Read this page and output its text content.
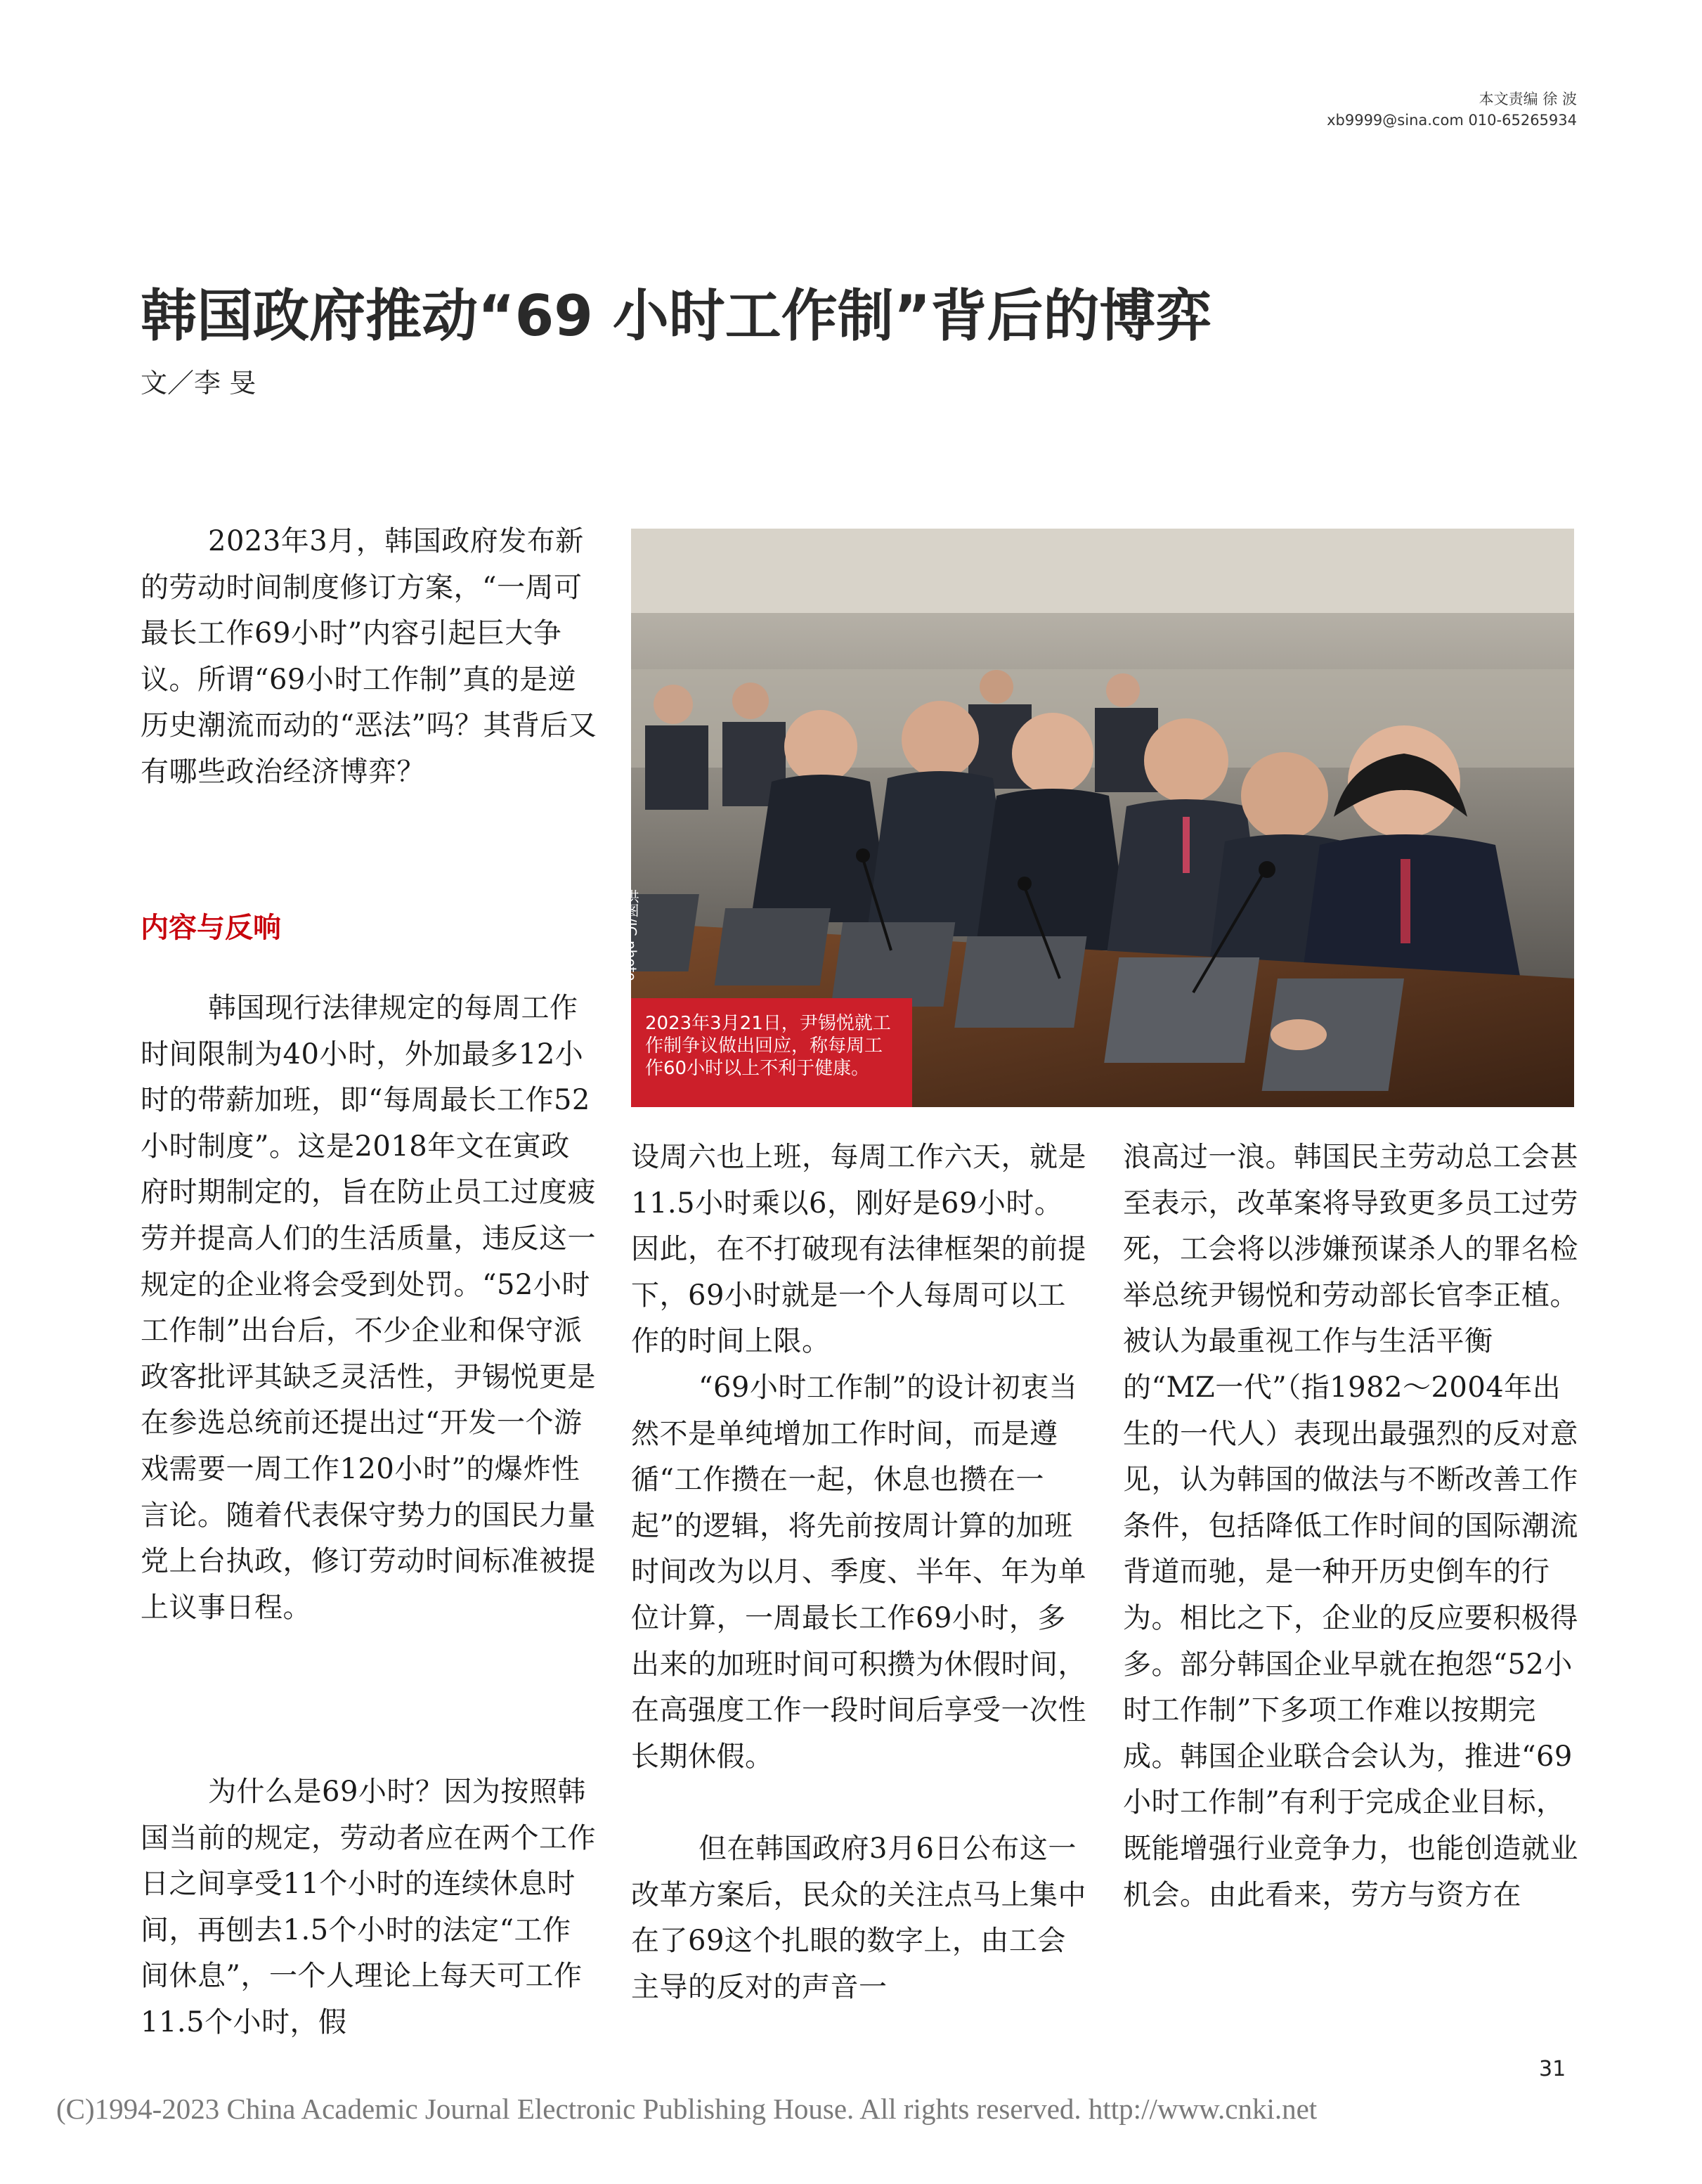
本文责编 徐 波
xb9999@sina.com 010-65265934
韩国政府推动“69 小时工作制”背后的博弈
文／李 旻
供图/IC photo
2023年3月21日，尹锡悦就工作制争议做出回应，称每周工作60小时以上不利于健康。

2023年3月，韩国政府发布新的劳动时间制度修订方案，“一周可最长工作69小时”内容引起巨大争议。所谓“69小时工作制”真的是逆历史潮流而动的“恶法”吗？其背后又有哪些政治经济博弈？

内容与反响

韩国现行法律规定的每周工作时间限制为40小时，外加最多12小时的带薪加班，即“每周最长工作52小时制度”。这是2018年文在寅政府时期制定的，旨在防止员工过度疲劳并提高人们的生活质量，违反这一规定的企业将会受到处罚。“52小时工作制”出台后，不少企业和保守派政客批评其缺乏灵活性，尹锡悦更是在参选总统前还提出过“开发一个游戏需要一周工作120小时”的爆炸性言论。随着代表保守势力的国民力量党上台执政，修订劳动时间标准被提上议事日程。

为什么是69小时？因为按照韩国当前的规定，劳动者应在两个工作日之间享受11个小时的连续休息时间，再刨去1.5个小时的法定“工作间休息”，一个人理论上每天可工作11.5个小时，假

设周六也上班，每周工作六天，就是11.5小时乘以6，刚好是69小时。因此，在不打破现有法律框架的前提下，69小时就是一个人每周可以工作的时间上限。

“69小时工作制”的设计初衷当然不是单纯增加工作时间，而是遵循“工作攒在一起，休息也攒在一起”的逻辑，将先前按周计算的加班时间改为以月、季度、半年、年为单位计算，一周最长工作69小时，多出来的加班时间可积攒为休假时间，在高强度工作一段时间后享受一次性长期休假。

但在韩国政府3月6日公布这一改革方案后，民众的关注点马上集中在了69这个扎眼的数字上，由工会主导的反对的声音一

浪高过一浪。韩国民主劳动总工会甚至表示，改革案将导致更多员工过劳死，工会将以涉嫌预谋杀人的罪名检举总统尹锡悦和劳动部长官李正植。被认为最重视工作与生活平衡的“MZ一代”（指1982～2004年出生的一代人）表现出最强烈的反对意见，认为韩国的做法与不断改善工作条件，包括降低工作时间的国际潮流背道而驰，是一种开历史倒车的行为。相比之下，企业的反应要积极得多。部分韩国企业早就在抱怨“52小时工作制”下多项工作难以按期完成。韩国企业联合会认为，推进“69小时工作制”有利于完成企业目标，既能增强行业竞争力，也能创造就业机会。由此看来，劳方与资方在

31

(C)1994-2023 China Academic Journal Electronic Publishing House. All rights reserved. http://www.cnki.net
